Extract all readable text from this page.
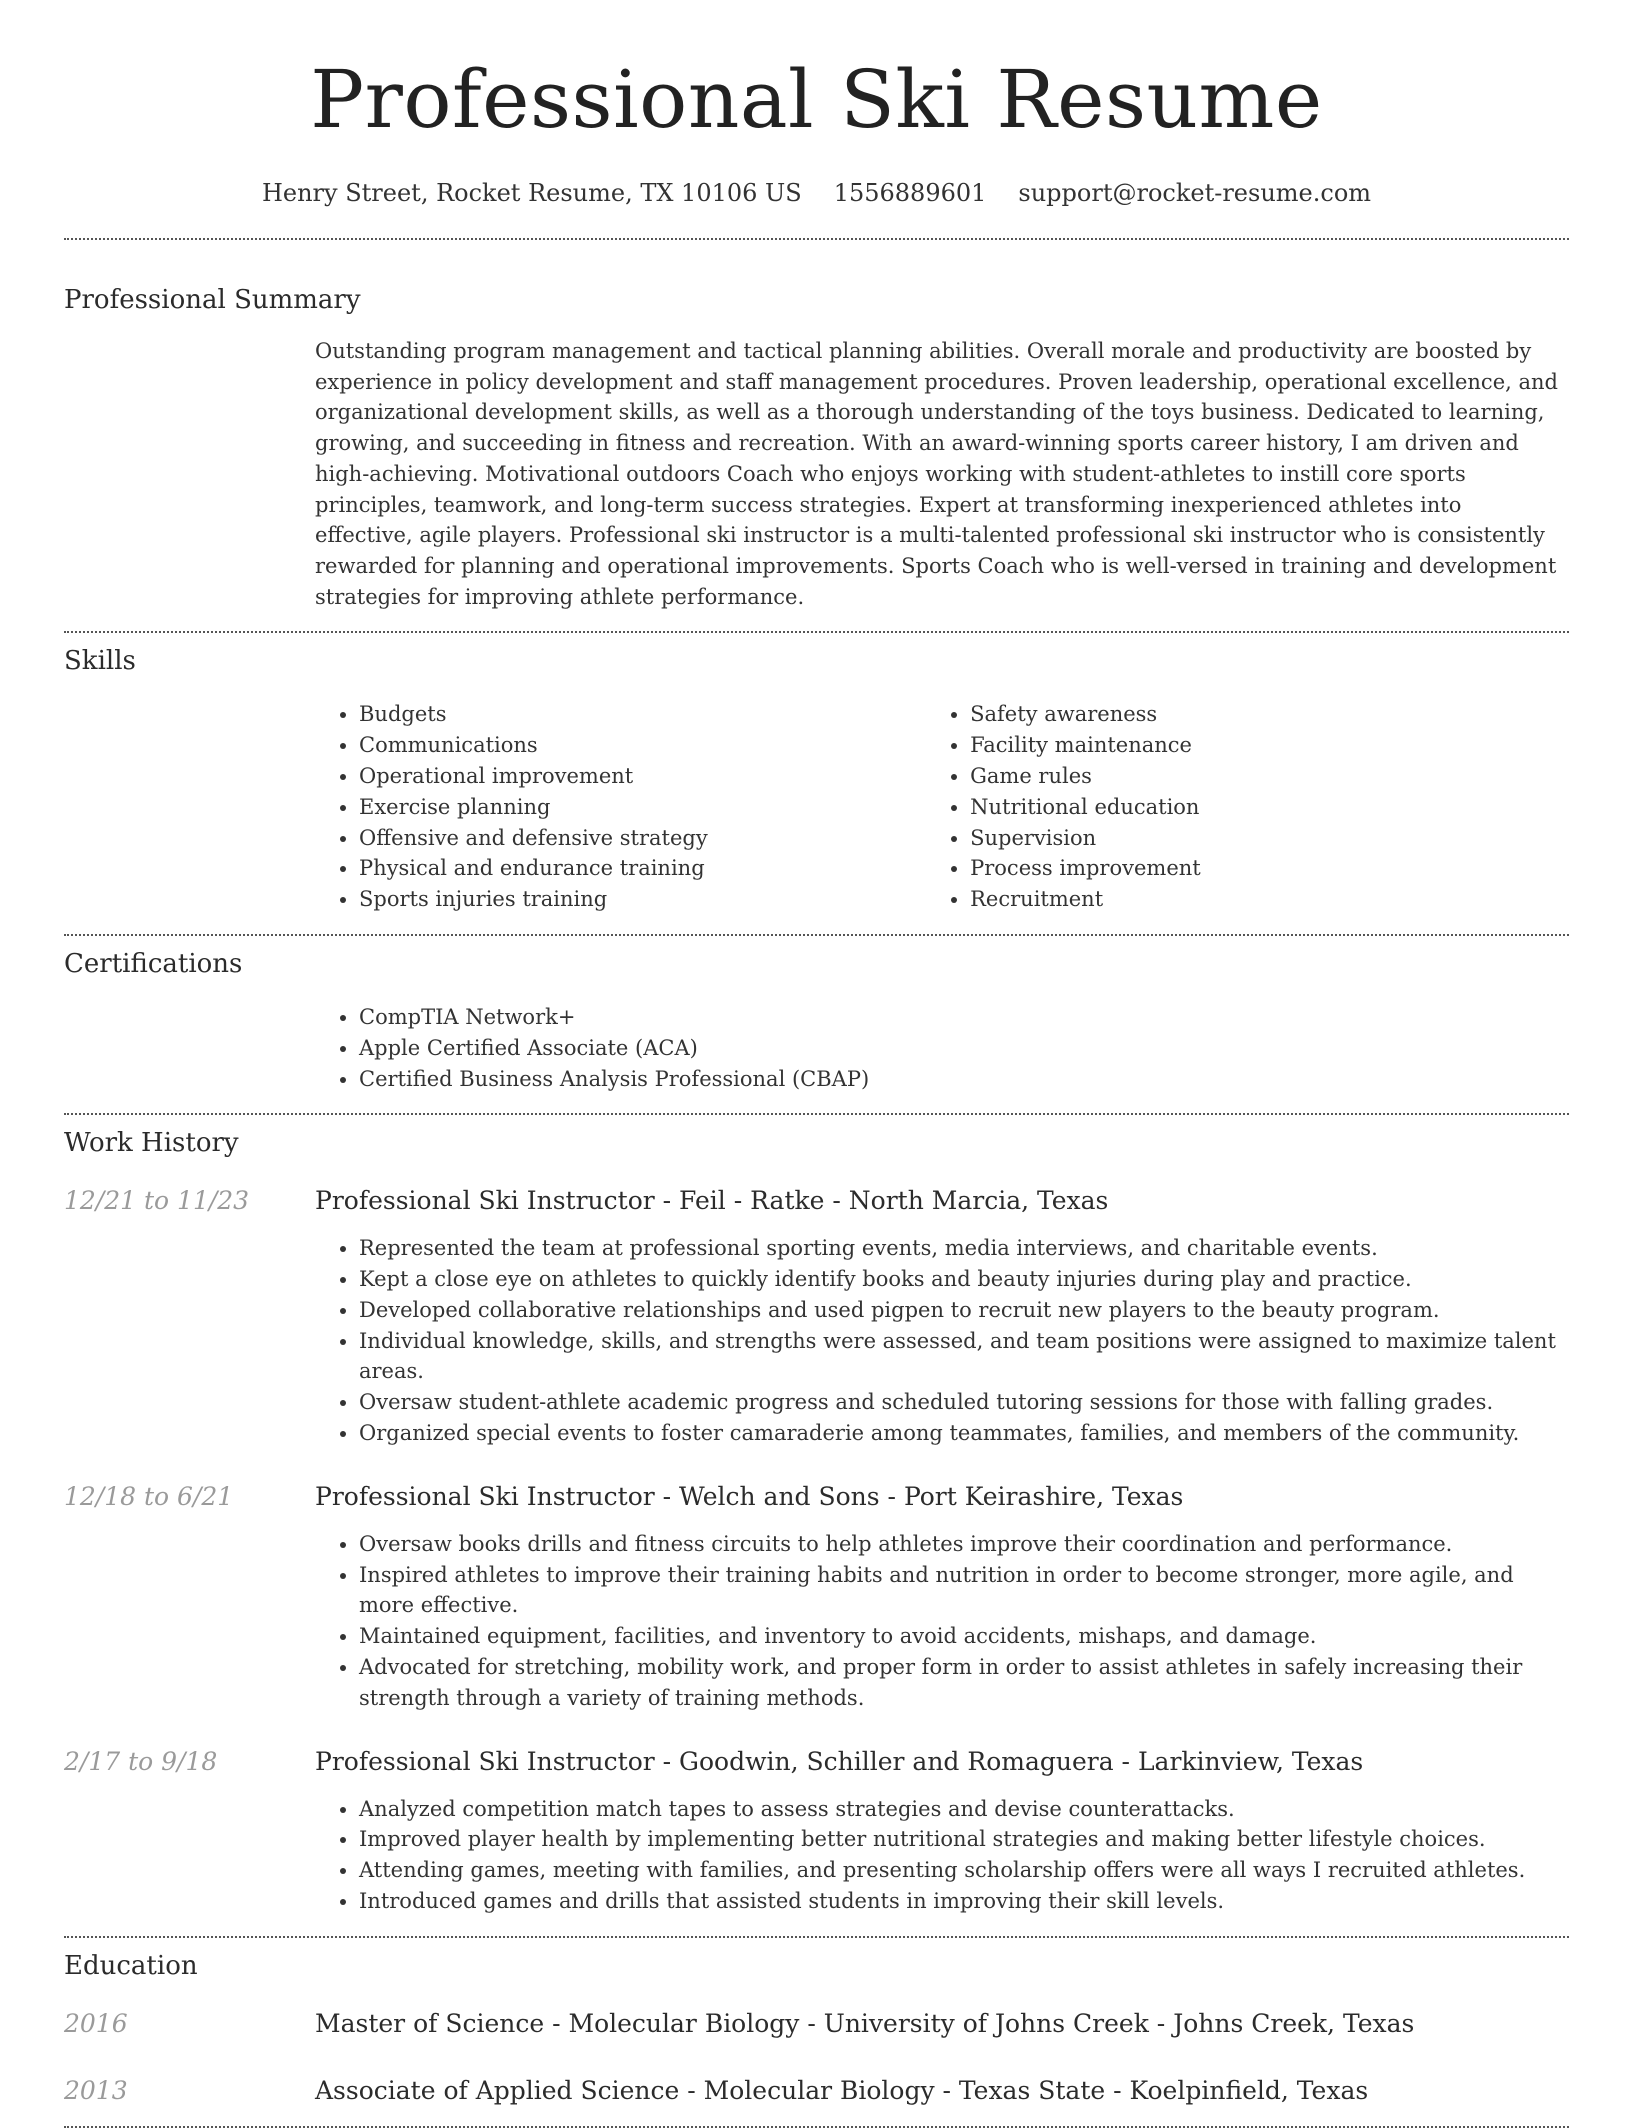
Professional Ski Resume
Henry Street, Rocket Resume, TX 10106 US 1556889601 support@rocket-resume.com
Professional Summary
Outstanding program management and tactical planning abilities. Overall morale and productivity are boosted by experience in policy development and staff management procedures. Proven leadership, operational excellence, and organizational development skills, as well as a thorough understanding of the toys business. Dedicated to learning, growing, and succeeding in fitness and recreation. With an award-winning sports career history, I am driven and high-achieving. Motivational outdoors Coach who enjoys working with student-athletes to instill core sports principles, teamwork, and long-term success strategies. Expert at transforming inexperienced athletes into effective, agile players. Professional ski instructor is a multi-talented professional ski instructor who is consistently rewarded for planning and operational improvements. Sports Coach who is well-versed in training and development strategies for improving athlete performance.
Skills
• Budgets
• Communications
• Operational improvement
• Exercise planning
• Offensive and defensive strategy
• Physical and endurance training
• Sports injuries training
• Safety awareness
• Facility maintenance
• Game rules
• Nutritional education
• Supervision
• Process improvement
• Recruitment
Certifications
• CompTIA Network+
• Apple Certified Associate (ACA)
• Certified Business Analysis Professional (CBAP)
Work History
12/21 to 11/23	Professional Ski Instructor - Feil - Ratke - North Marcia, Texas
• Represented the team at professional sporting events, media interviews, and charitable events.
• Kept a close eye on athletes to quickly identify books and beauty injuries during play and practice.
• Developed collaborative relationships and used pigpen to recruit new players to the beauty program.
• Individual knowledge, skills, and strengths were assessed, and team positions were assigned to maximize talent areas.
• Oversaw student-athlete academic progress and scheduled tutoring sessions for those with falling grades.
• Organized special events to foster camaraderie among teammates, families, and members of the community.
12/18 to 6/21	Professional Ski Instructor - Welch and Sons - Port Keirashire, Texas
• Oversaw books drills and fitness circuits to help athletes improve their coordination and performance.
• Inspired athletes to improve their training habits and nutrition in order to become stronger, more agile, and more effective.
• Maintained equipment, facilities, and inventory to avoid accidents, mishaps, and damage.
• Advocated for stretching, mobility work, and proper form in order to assist athletes in safely increasing their strength through a variety of training methods.
2/17 to 9/18	Professional Ski Instructor - Goodwin, Schiller and Romaguera - Larkinview, Texas
• Analyzed competition match tapes to assess strategies and devise counterattacks.
• Improved player health by implementing better nutritional strategies and making better lifestyle choices.
• Attending games, meeting with families, and presenting scholarship offers were all ways I recruited athletes.
• Introduced games and drills that assisted students in improving their skill levels.
Education
2016	Master of Science - Molecular Biology - University of Johns Creek - Johns Creek, Texas
2013	Associate of Applied Science - Molecular Biology - Texas State - Koelpinfield, Texas
